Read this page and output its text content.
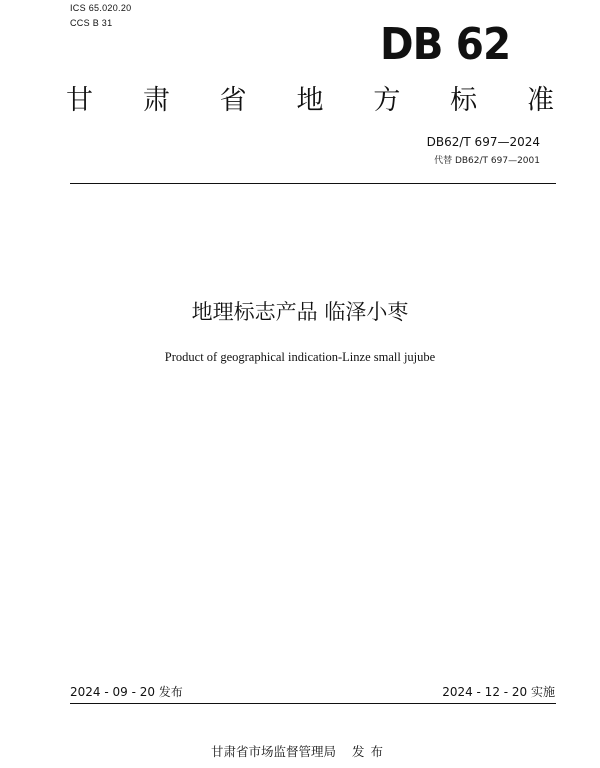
ICS 65.020.20
CCS B 31	DB 62
甘 肃 省 地 方 标 准
DB62/T 697—2024
代替 DB62/T 697—2001
地理标志产品 临泽小枣
Product of geographical indication-Linze small jujube
2024 - 09 - 20 发布	2024 - 12 - 20 实施
甘肃省市场监督管理局 发布
